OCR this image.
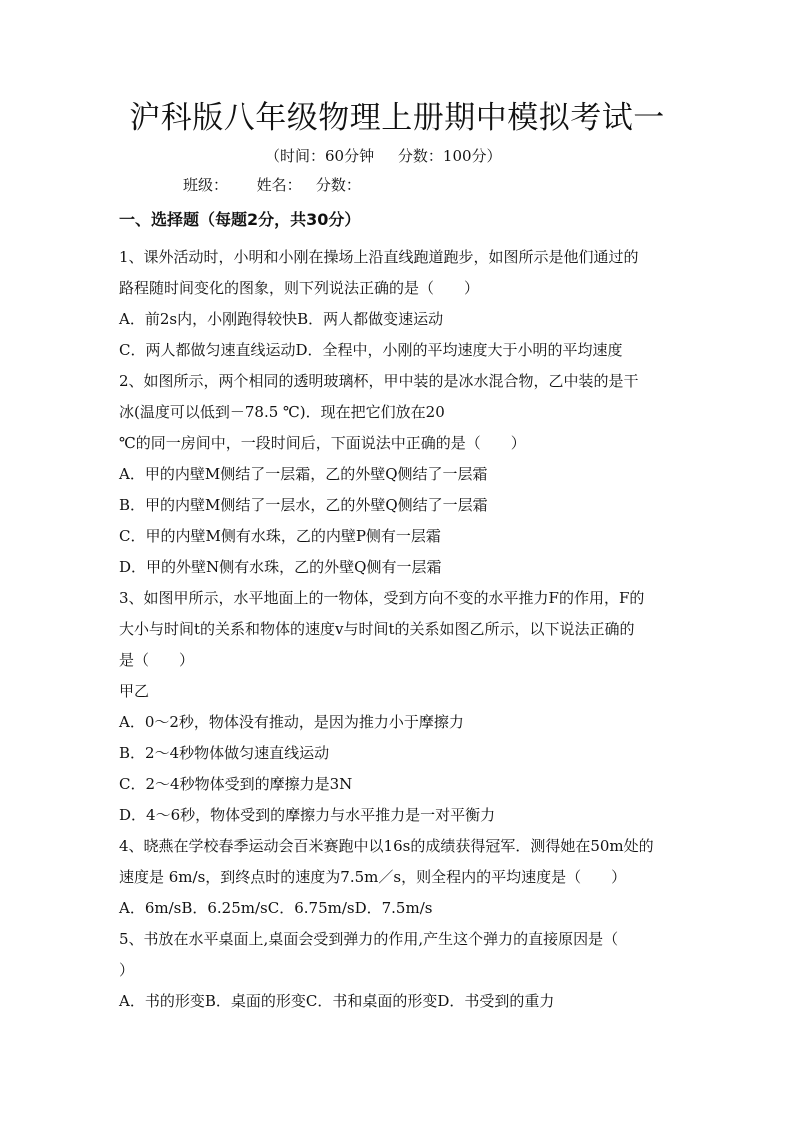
沪科版八年级物理上册期中模拟考试一
（时间：60分钟     分数：100分）
班级：      姓名：   分数：
一、选择题（每题2分，共30分）
1、课外活动时，小明和小刚在操场上沿直线跑道跑步，如图所示是他们通过的
路程随时间变化的图象，则下列说法正确的是（　　）
A．前2s内，小刚跑得较快B．两人都做变速运动
C．两人都做匀速直线运动D．全程中，小刚的平均速度大于小明的平均速度
2、如图所示，两个相同的透明玻璃杯，甲中装的是冰水混合物，乙中装的是干
冰(温度可以低到－78.5 ℃)．现在把它们放在20
℃的同一房间中，一段时间后，下面说法中正确的是（　　）
A．甲的内壁M侧结了一层霜，乙的外壁Q侧结了一层霜
B．甲的内壁M侧结了一层水，乙的外壁Q侧结了一层霜
C．甲的内壁M侧有水珠，乙的内壁P侧有一层霜
D．甲的外壁N侧有水珠，乙的外壁Q侧有一层霜
3、如图甲所示，水平地面上的一物体，受到方向不变的水平推力F的作用，F的
大小与时间t的关系和物体的速度v与时间t的关系如图乙所示，以下说法正确的
是（　　）
甲乙
A．0～2秒，物体没有推动，是因为推力小于摩擦力
B．2～4秒物体做匀速直线运动
C．2～4秒物体受到的摩擦力是3N
D．4～6秒，物体受到的摩擦力与水平推力是一对平衡力
4、晓燕在学校春季运动会百米赛跑中以16s的成绩获得冠军．测得她在50m处的
速度是 6m/s，到终点时的速度为7.5m／s，则全程内的平均速度是（　　）
A．6m/sB．6.25m/sC．6.75m/sD．7.5m/s
5、书放在水平桌面上,桌面会受到弹力的作用,产生这个弹力的直接原因是（
）
A．书的形变B．桌面的形变C．书和桌面的形变D．书受到的重力
